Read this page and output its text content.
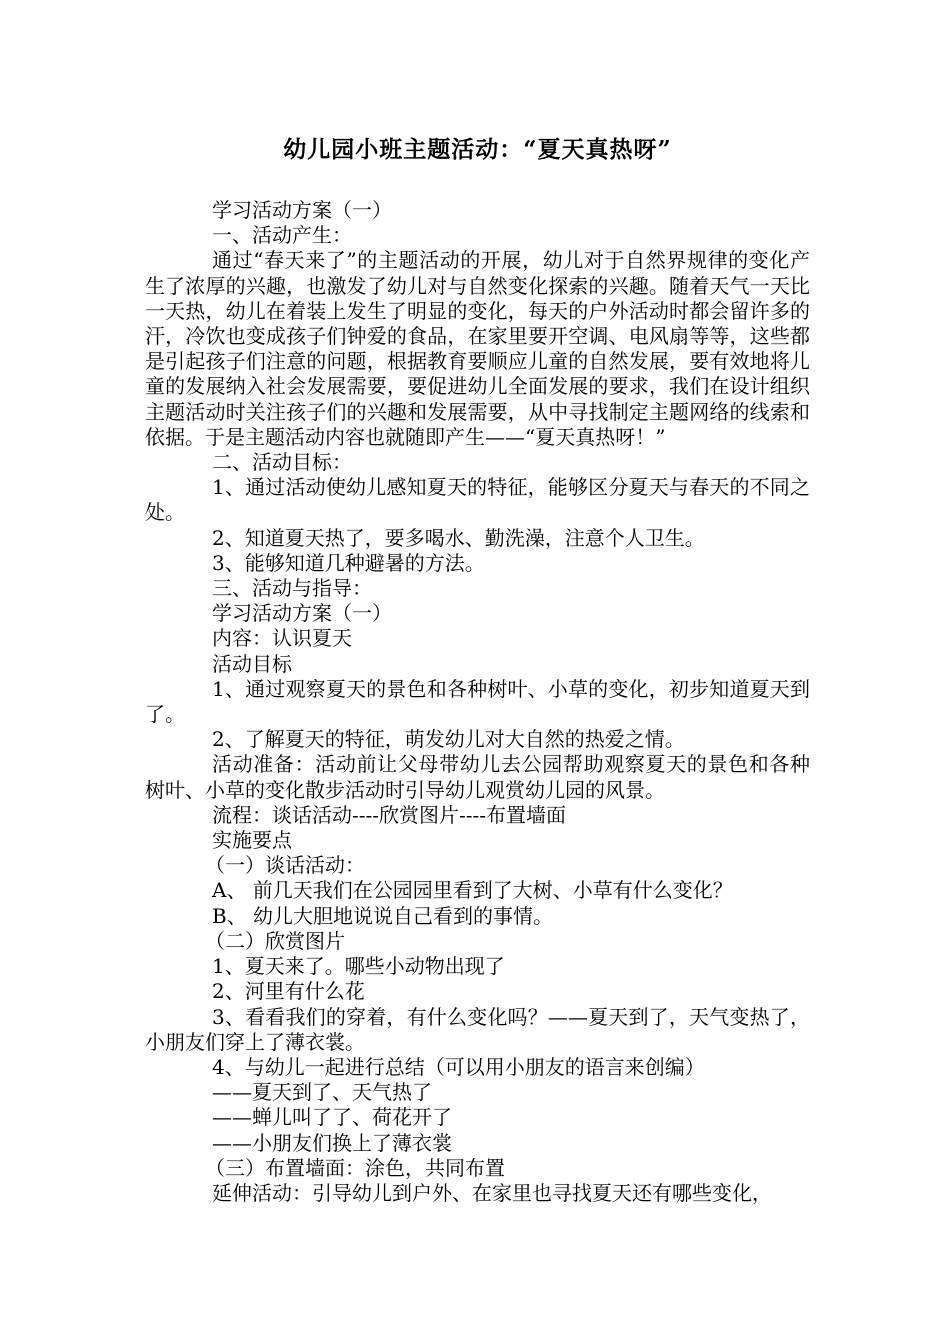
幼儿园小班主题活动：“夏天真热呀”

学习活动方案（一）

一、活动产生：

通过“春天来了”的主题活动的开展，幼儿对于自然界规律的变化产生了浓厚的兴趣，也激发了幼儿对与自然变化探索的兴趣。随着天气一天比一天热，幼儿在着装上发生了明显的变化，每天的户外活动时都会留许多的汗，冷饮也变成孩子们钟爱的食品，在家里要开空调、电风扇等等，这些都是引起孩子们注意的问题，根据教育要顺应儿童的自然发展，要有效地将儿童的发展纳入社会发展需要，要促进幼儿全面发展的要求，我们在设计组织主题活动时关注孩子们的兴趣和发展需要，从中寻找制定主题网络的线索和依据。于是主题活动内容也就随即产生——“夏天真热呀！”

二、活动目标：

1、通过活动使幼儿感知夏天的特征，能够区分夏天与春天的不同之处。

2、知道夏天热了，要多喝水、勤洗澡，注意个人卫生。

3、能够知道几种避暑的方法。

三、活动与指导：

学习活动方案（一）

内容：认识夏天

活动目标

1、通过观察夏天的景色和各种树叶、小草的变化，初步知道夏天到了。

2、了解夏天的特征，萌发幼儿对大自然的热爱之情。

活动准备：活动前让父母带幼儿去公园帮助观察夏天的景色和各种树叶、小草的变化散步活动时引导幼儿观赏幼儿园的风景。

流程：谈话活动----欣赏图片----布置墙面

实施要点

（一）谈话活动：

A、 前几天我们在公园园里看到了大树、小草有什么变化？

B、 幼儿大胆地说说自己看到的事情。

（二）欣赏图片

1、夏天来了。哪些小动物出现了

2、河里有什么花

3、看看我们的穿着，有什么变化吗？——夏天到了，天气变热了，小朋友们穿上了薄衣裳。

4、与幼儿一起进行总结（可以用小朋友的语言来创编）

——夏天到了、天气热了

——蝉儿叫了了、荷花开了

——小朋友们换上了薄衣裳

（三）布置墙面：涂色，共同布置

延伸活动：引导幼儿到户外、在家里也寻找夏天还有哪些变化，
